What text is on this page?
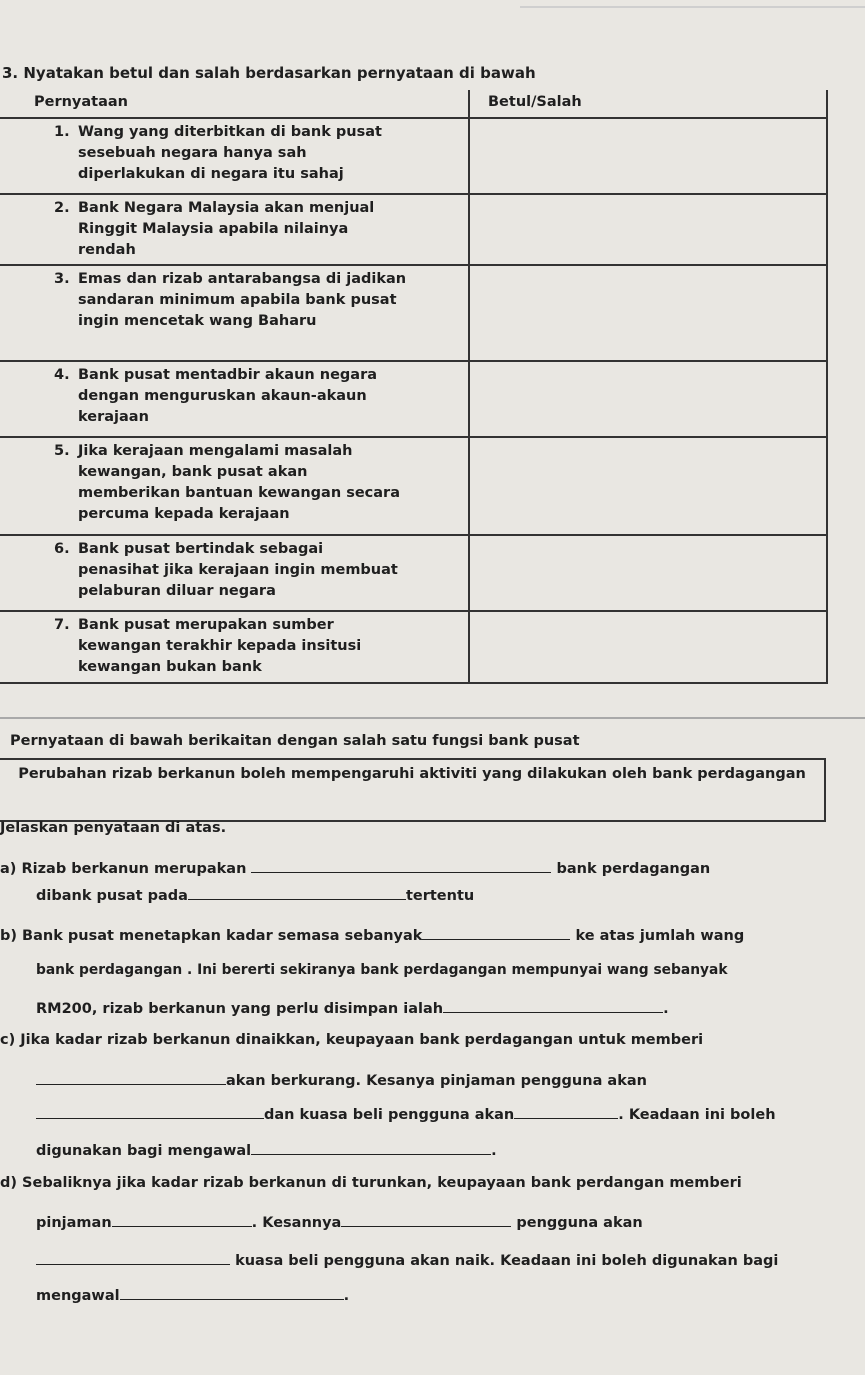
3. Nyatakan betul dan salah berdasarkan pernyataan di bawah
Pernyataan	Betul/Salah
1. Wang yang diterbitkan di bank pusat sesebuah negara hanya sah diperlakukan di negara itu sahaj	
2. Bank Negara Malaysia akan menjual Ringgit Malaysia apabila nilainya rendah	
3. Emas dan rizab antarabangsa di jadikan sandaran minimum apabila bank pusat ingin mencetak wang Baharu	
4. Bank pusat mentadbir akaun negara dengan menguruskan akaun-akaun kerajaan	
5. Jika kerajaan mengalami masalah kewangan, bank pusat akan memberikan bantuan kewangan secara percuma kepada kerajaan	
6. Bank pusat bertindak sebagai penasihat jika kerajaan ingin membuat pelaburan diluar negara	
7. Bank pusat merupakan sumber kewangan terakhir kepada insitusi kewangan bukan bank	
Pernyataan di bawah berikaitan dengan salah satu fungsi bank pusat
Perubahan rizab berkanun boleh mempengaruhi aktiviti yang dilakukan oleh bank perdagangan
Jelaskan penyataan di atas.
a) Rizab berkanun merupakan	bank perdagangan
dibank pusat pada	tertentu
b) Bank pusat menetapkan kadar semasa sebanyak	ke atas jumlah wang
bank perdagangan . Ini bererti sekiranya bank perdagangan mempunyai wang sebanyak
RM200, rizab berkanun yang perlu disimpan ialah	.
c) Jika kadar rizab berkanun dinaikkan, keupayaan bank perdagangan untuk memberi
akan berkurang. Kesanya pinjaman pengguna akan
dan kuasa beli pengguna akan	. Keadaan ini boleh
digunakan bagi mengawal	.
d) Sebaliknya jika kadar rizab berkanun di turunkan, keupayaan bank perdangan memberi
pinjaman	. Kesannya	pengguna akan
kuasa beli pengguna akan naik. Keadaan ini boleh digunakan bagi
mengawal	.
